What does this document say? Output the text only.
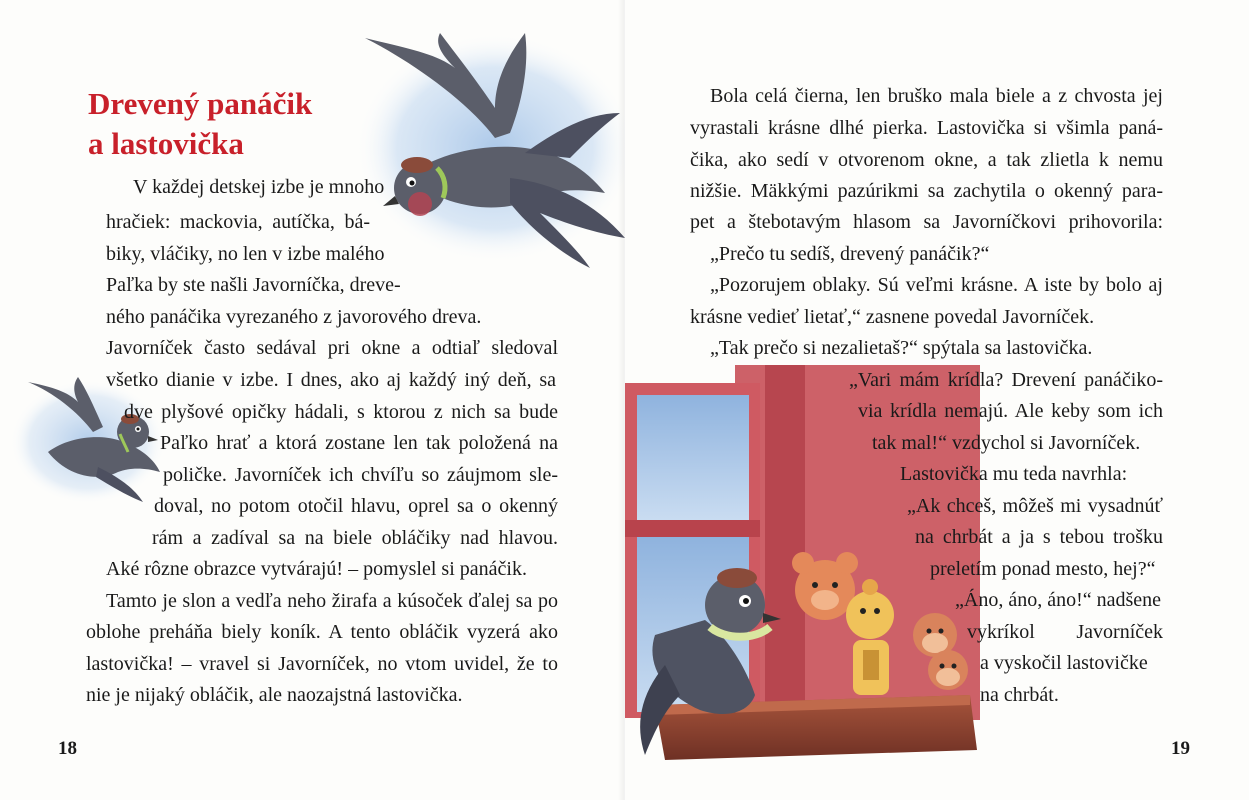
Drevený panáčik
a lastovička

V každej detskej izbe je mnoho

hračiek: mackovia, autíčka, bá-

biky, vláčiky, no len v izbe malého

Paľka by ste našli Javorníčka, dreve-

ného panáčika vyrezaného z javorového dreva.

Javorníček často sedával pri okne a odtiaľ sledoval

všetko dianie v izbe. I dnes, ako aj každý iný deň, sa

dve plyšové opičky hádali, s ktorou z nich sa bude

Paľko hrať a ktorá zostane len tak položená na

poličke. Javorníček ich chvíľu so záujmom sle-

doval, no potom otočil hlavu, oprel sa o okenný

rám a zadíval sa na biele obláčiky nad hlavou.

Aké rôzne obrazce vytvárajú! – pomyslel si panáčik.

Tamto je slon a vedľa neho žirafa a kúsoček ďalej sa po

oblohe preháňa biely koník. A tento obláčik vyzerá ako

lastovička! – vravel si Javorníček, no vtom uvidel, že to

nie je nijaký obláčik, ale naozajstná lastovička.

18

Bola celá čierna, len bruško mala biele a z chvosta jej

vyrastali krásne dlhé pierka. Lastovička si všimla paná-

čika, ako sedí v otvorenom okne, a tak zlietla k nemu

nižšie. Mäkkými pazúrikmi sa zachytila o okenný para-

pet a štebotavým hlasom sa Javorníčkovi prihovorila:

„Prečo tu sedíš, drevený panáčik?“

„Pozorujem oblaky. Sú veľmi krásne. A iste by bolo aj

krásne vedieť lietať,“ zasnene povedal Javorníček.

„Tak prečo si nezalietaš?“ spýtala sa lastovička.

„Vari mám krídla? Drevení panáčiko-

via krídla nemajú. Ale keby som ich

tak mal!“ vzdychol si Javorníček.

Lastovička mu teda navrhla:

„Ak chceš, môžeš mi vysadnúť

na chrbát a ja s tebou trošku

preletím ponad mesto, hej?“

„Áno, áno, áno!“ nadšene

vykríkol Javorníček

a vyskočil lastovičke

na chrbát.

19
